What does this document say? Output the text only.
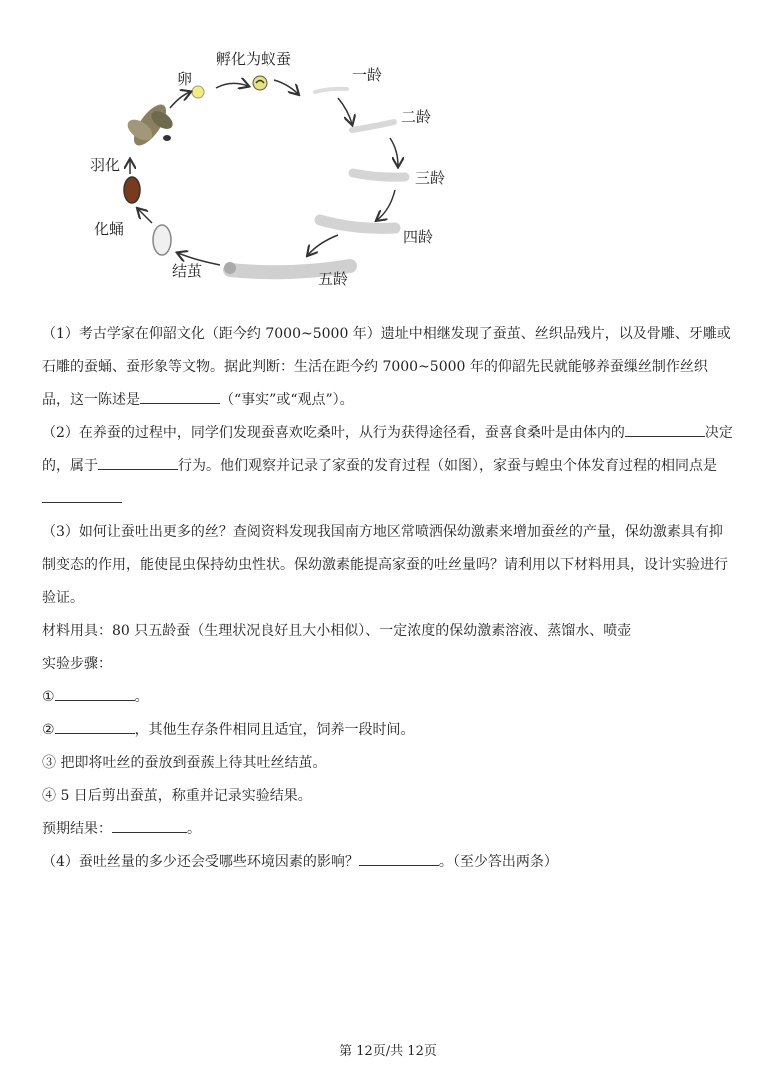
卵
孵化为蚁蚕
一龄
二龄
三龄
四龄
五龄
结茧
化蛹
羽化

（1）考古学家在仰韶文化（距今约 7000~5000 年）遗址中相继发现了蚕茧、丝织品残片，以及骨雕、牙雕或石雕的蚕蛹、蚕形象等文物。据此判断：生活在距今约 7000~5000 年的仰韶先民就能够养蚕缫丝制作丝织品，这一陈述是	（“事实”或“观点”）。

（2）在养蚕的过程中，同学们发现蚕喜欢吃桑叶，从行为获得途径看，蚕喜食桑叶是由体内的	决定的，属于	行为。他们观察并记录了家蚕的发育过程（如图），家蚕与蝗虫个体发育过程的相同点是

（3）如何让蚕吐出更多的丝？查阅资料发现我国南方地区常喷洒保幼激素来增加蚕丝的产量，保幼激素具有抑制变态的作用，能使昆虫保持幼虫性状。保幼激素能提高家蚕的吐丝量吗？请利用以下材料用具，设计实验进行验证。

材料用具：80 只五龄蚕（生理状况良好且大小相似）、一定浓度的保幼激素溶液、蒸馏水、喷壶

实验步骤：

①	。

②	，其他生存条件相同且适宜，饲养一段时间。

③ 把即将吐丝的蚕放到蚕蔟上待其吐丝结茧。

④ 5 日后剪出蚕茧，称重并记录实验结果。

预期结果：	。

（4）蚕吐丝量的多少还会受哪些环境因素的影响？	。（至少答出两条）

第 12页/共 12页
